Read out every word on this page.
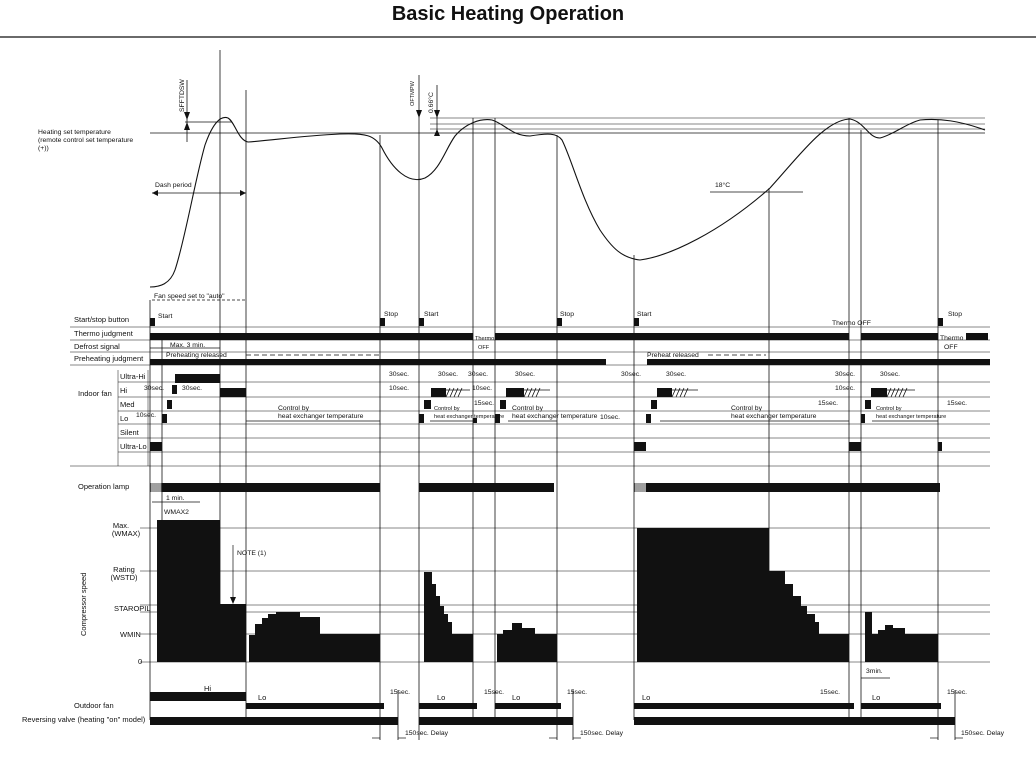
Basic Heating Operation
Heating set temperature
(remote control set temperature
(+))
SFFTDSW	OFTMPW 0.66°C
Dash period	18°C
Fan speed set to "auto"
Start/stop button
Thermo judgment
Defrost signal
Preheating judgment
Indoor fan
Ultra-Hi
Hi
Med
Lo
Silent
Ultra-Lo
Operation lamp
Outdoor fan
Reversing valve (heating "on" model)
Start	Stop	Start	Stop	Start	Stop
Thermo
OFF
Thermo OFF
Thermo
OFF
Max. 3 min.
Preheating released	Preheat released
10sec.
30sec.	30sec.
30sec.
10sec.
30sec. 30sec.
10sec.
15sec.
30sec.
10sec.
30sec.	30sec.	30sec.
10sec.
15sec.
30sec.
15sec.
Control by
heat exchanger temperature
Control by
heat exchanger temperature
Control by
heat exchanger temperature
Control by
heat exchanger temperature
Control by
heat exchanger temperature
1 min.
Compressor speed
Max.
(WMAX)
Rating
(WSTD)
STAROPIL
WMIN
0
WMAX2
NOTE (1)
3min.
Hi
Lo	Lo	Lo	Lo	Lo
15sec.	15sec.	15sec.	15sec.	15sec.
150sec. Delay	150sec. Delay	150sec. Delay
